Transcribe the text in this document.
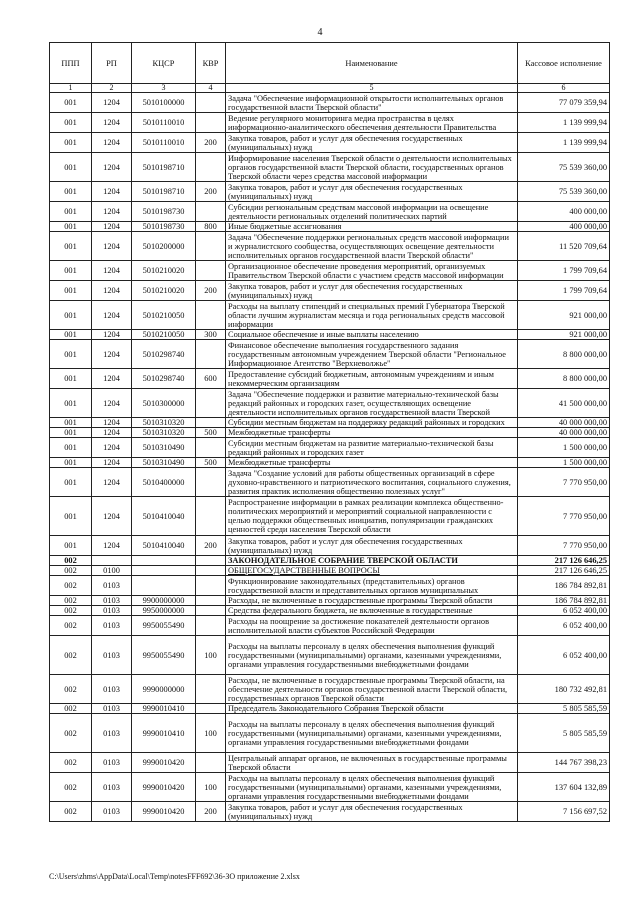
4
ППП	РП	КЦСР	КВР	Наименование	Кассовое исполнение
1	2	3	4	5	6
001	1204	5010100000		Задача "Обеспечение информационной открытости исполнительных органов государственной власти Тверской области"	77 079 359,94
001	1204	5010110010		Ведение регулярного мониторинга медиа пространства в целях информационно-аналитического обеспечения деятельности Правительства	1 139 999,94
001	1204	5010110010	200	Закупка товаров, работ и услуг для обеспечения государственных (муниципальных) нужд	1 139 999,94
001	1204	5010198710		Информирование населения Тверской области о деятельности исполнительных органов государственной власти Тверской области, государственных органов Тверской области через средства массовой информации	75 539 360,00
001	1204	5010198710	200	Закупка товаров, работ и услуг для обеспечения государственных (муниципальных) нужд	75 539 360,00
001	1204	5010198730		Субсидии региональным средствам массовой информации на освещение деятельности региональных отделений политических партий	400 000,00
001	1204	5010198730	800	Иные бюджетные ассигнования	400 000,00
001	1204	5010200000		Задача "Обеспечение поддержки региональных средств массовой информации и журналистского сообщества, осуществляющих освещение деятельности исполнительных органов государственной власти Тверской области"	11 520 709,64
001	1204	5010210020		Организационное обеспечение проведения мероприятий, организуемых Правительством Тверской области с участием средств массовой информации	1 799 709,64
001	1204	5010210020	200	Закупка товаров, работ и услуг для обеспечения государственных (муниципальных) нужд	1 799 709,64
001	1204	5010210050		Расходы на выплату стипендий и специальных премий Губернатора Тверской области лучшим журналистам месяца и года региональных средств массовой информации	921 000,00
001	1204	5010210050	300	Социальное обеспечение и иные выплаты населению	921 000,00
001	1204	5010298740		Финансовое обеспечение выполнения государственного задания государственным автономным учреждением Тверской области "Региональное Информационное Агентство "Верхневолжье"	8 800 000,00
001	1204	5010298740	600	Предоставление субсидий бюджетным, автономным учреждениям и иным некоммерческим организациям	8 800 000,00
001	1204	5010300000		Задача "Обеспечение поддержки и развитие материально-технической базы редакций районных и городских газет, осуществляющих освещение деятельности исполнительных органов государственной власти Тверской	41 500 000,00
001	1204	5010310320		Субсидии местным бюджетам на поддержку редакций районных и городских	40 000 000,00
001	1204	5010310320	500	Межбюджетные трансферты	40 000 000,00
001	1204	5010310490		Субсидии местным бюджетам на развитие материально-технической базы редакций районных и городских газет	1 500 000,00
001	1204	5010310490	500	Межбюджетные трансферты	1 500 000,00
001	1204	5010400000		Задача "Создание условий для работы общественных организаций в сфере духовно-нравственного и патриотического воспитания, социального служения, развития практик исполнения общественно полезных услуг"	7 770 950,00
001	1204	5010410040		Распространение информации в рамках реализации комплекса общественно-политических мероприятий и мероприятий социальной направленности с целью поддержки общественных инициатив, популяризации гражданских ценностей среди населения Тверской области	7 770 950,00
001	1204	5010410040	200	Закупка товаров, работ и услуг для обеспечения государственных (муниципальных) нужд	7 770 950,00
002				ЗАКОНОДАТЕЛЬНОЕ СОБРАНИЕ ТВЕРСКОЙ ОБЛАСТИ	217 126 646,25
002	0100			ОБЩЕГОСУДАРСТВЕННЫЕ ВОПРОСЫ	217 126 646,25
002	0103			Функционирование законодательных (представительных) органов государственной власти и представительных органов муниципальных	186 784 892,81
002	0103	9900000000		Расходы, не включенные в государственные программы Тверской области	186 784 892,81
002	0103	9950000000		Средства федерального бюджета, не включенные в государственные	6 052 400,00
002	0103	9950055490		Расходы на поощрение за достижение показателей деятельности органов исполнительной власти субъектов Российской Федерации	6 052 400,00
002	0103	9950055490	100	Расходы на выплаты персоналу в целях обеспечения выполнения функций государственными (муниципальными) органами, казенными учреждениями, органами управления государственными внебюджетными фондами	6 052 400,00
002	0103	9990000000		Расходы, не включенные в государственные программы Тверской области, на обеспечение деятельности органов государственной власти Тверской области, государственных органов Тверской области	180 732 492,81
002	0103	9990010410		Председатель Законодательного Собрания Тверской области	5 805 585,59
002	0103	9990010410	100	Расходы на выплаты персоналу в целях обеспечения выполнения функций государственными (муниципальными) органами, казенными учреждениями, органами управления государственными внебюджетными фондами	5 805 585,59
002	0103	9990010420		Центральный аппарат органов, не включенных в государственные программы Тверской области	144 767 398,23
002	0103	9990010420	100	Расходы на выплаты персоналу в целях обеспечения выполнения функций государственными (муниципальными) органами, казенными учреждениями, органами управления государственными внебюджетными фондами	137 604 132,89
002	0103	9990010420	200	Закупка товаров, работ и услуг для обеспечения государственных (муниципальных) нужд	7 156 697,52
C:\Users\zhms\AppData\Local\Temp\notesFFF692\36-ЗО приложение 2.xlsx
